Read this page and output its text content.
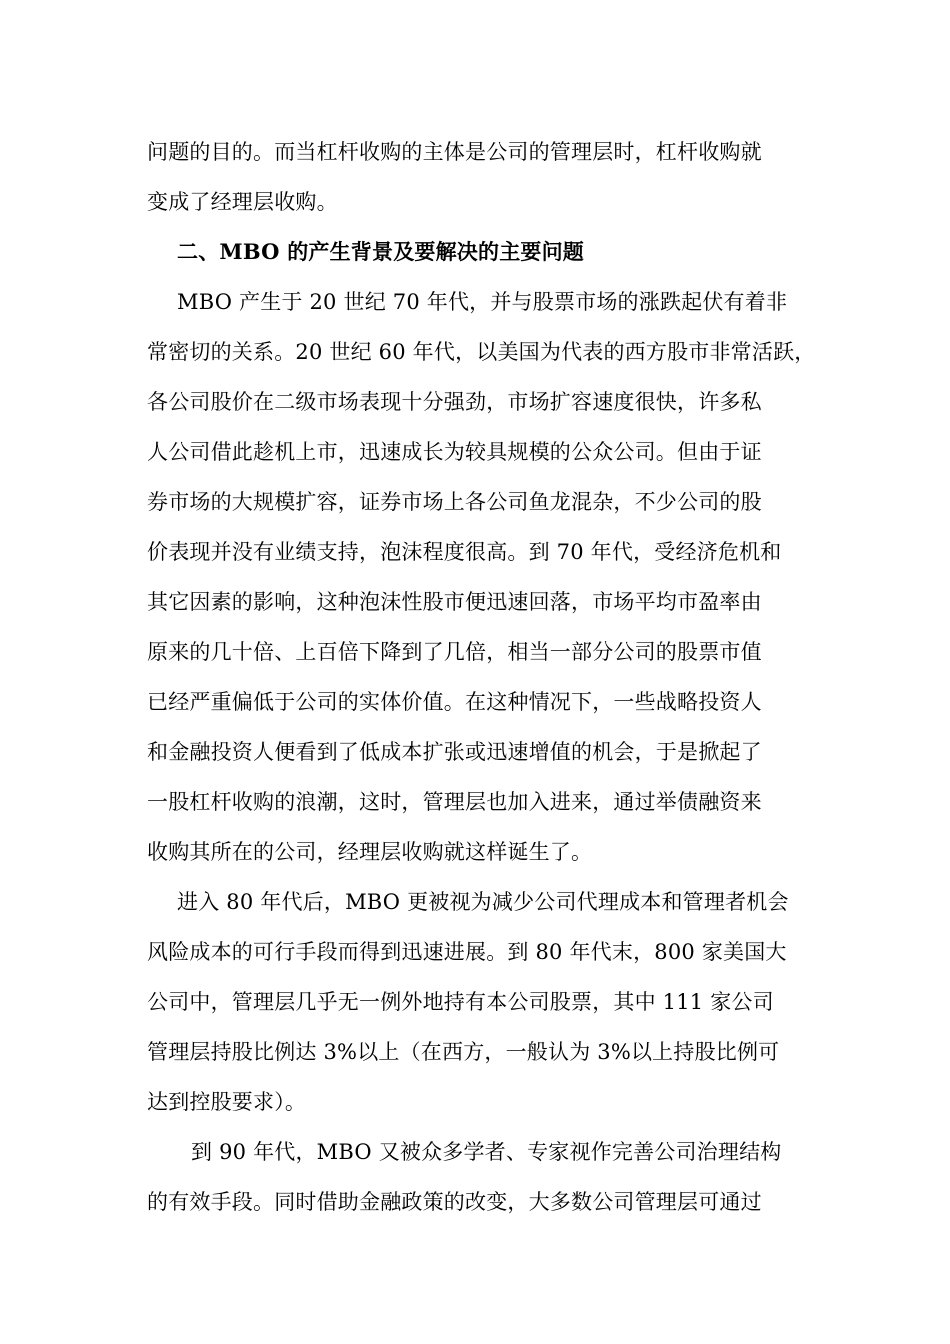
问题的目的。而当杠杆收购的主体是公司的管理层时，杠杆收购就
变成了经理层收购。
二、MBO 的产生背景及要解决的主要问题
MBO 产生于 20 世纪 70 年代，并与股票市场的涨跌起伏有着非
常密切的关系。20 世纪 60 年代，以美国为代表的西方股市非常活跃，
各公司股价在二级市场表现十分强劲，市场扩容速度很快，许多私
人公司借此趁机上市，迅速成长为较具规模的公众公司。但由于证
券市场的大规模扩容，证券市场上各公司鱼龙混杂，不少公司的股
价表现并没有业绩支持，泡沫程度很高。到 70 年代，受经济危机和
其它因素的影响，这种泡沫性股市便迅速回落，市场平均市盈率由
原来的几十倍、上百倍下降到了几倍，相当一部分公司的股票市值
已经严重偏低于公司的实体价值。在这种情况下，一些战略投资人
和金融投资人便看到了低成本扩张或迅速增值的机会，于是掀起了
一股杠杆收购的浪潮，这时，管理层也加入进来，通过举债融资来
收购其所在的公司，经理层收购就这样诞生了。
进入 80 年代后，MBO 更被视为减少公司代理成本和管理者机会
风险成本的可行手段而得到迅速进展。到 80 年代末，800 家美国大
公司中，管理层几乎无一例外地持有本公司股票，其中 111 家公司
管理层持股比例达 3%以上（在西方，一般认为 3%以上持股比例可
达到控股要求）。
到 90 年代，MBO 又被众多学者、专家视作完善公司治理结构
的有效手段。同时借助金融政策的改变，大多数公司管理层可通过
